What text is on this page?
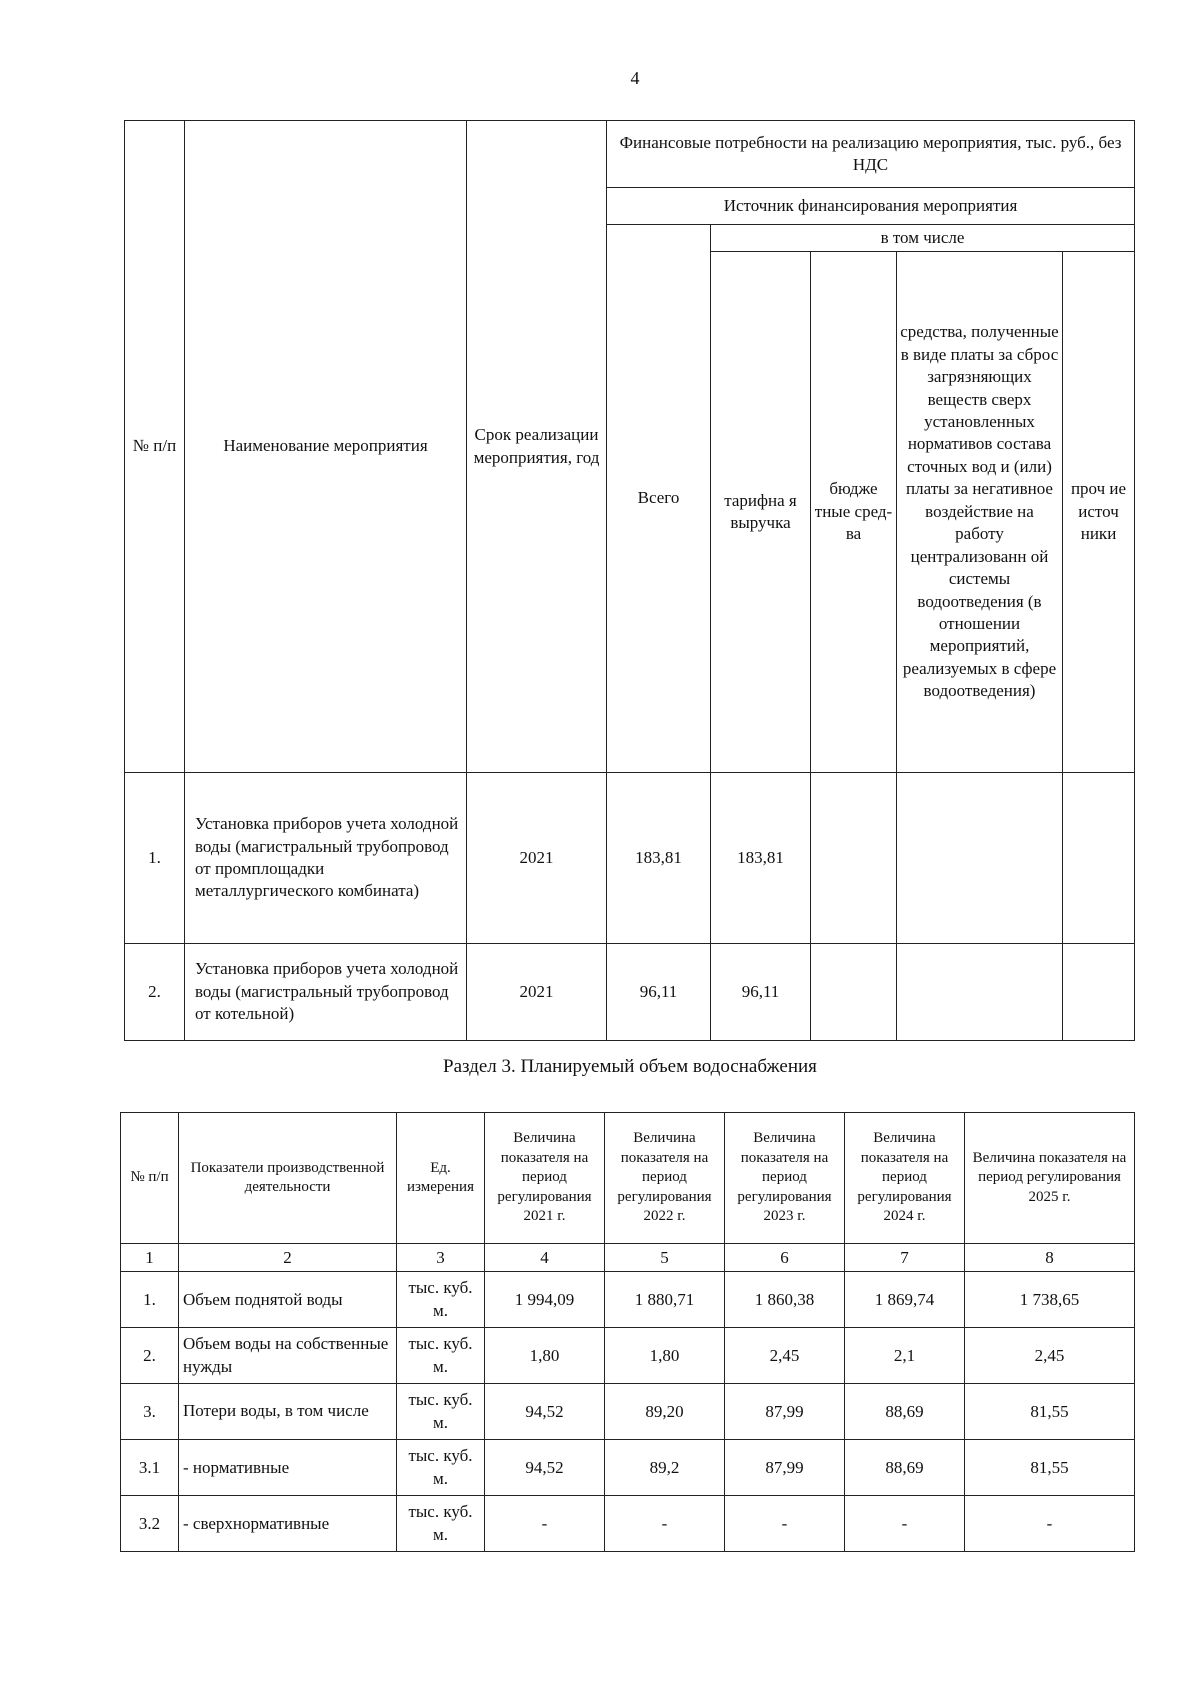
4
№ п/п	Наименование мероприятия	Срок реализации мероприятия, год	Финансовые потребности на реализацию мероприятия, тыс. руб., без НДС				
			Источник финансирования мероприятия				
			Всего	в том числе			
				тарифна я выручка	бюдже тные сред-ва	средства, полученные в виде платы за сброс загрязняющих веществ сверх установленных нормативов состава сточных вод и (или) платы за негативное воздействие на работу централизованн ой системы водоотведения (в отношении мероприятий, реализуемых в сфере водоотведения)	проч ие источ ники
1.	Установка приборов учета холодной воды (магистральный трубопровод от промплощадки металлургического комбината)	2021	183,81	183,81			
2.	Установка приборов учета холодной воды (магистральный трубопровод от котельной)	2021	96,11	96,11			
Раздел 3. Планируемый объем водоснабжения
№ п/п	Показатели производственной деятельности	Ед. измерения	Величина показателя на период регулирования 2021 г.	Величина показателя на период регулирования 2022 г.	Величина показателя на период регулирования 2023 г.	Величина показателя на период регулирования 2024 г.	Величина показателя на период регулирования 2025 г.
1	2	3	4	5	6	7	8
1.	Объем поднятой воды	тыс. куб. м.	1 994,09	1 880,71	1 860,38	1 869,74	1 738,65
2.	Объем воды на собственные нужды	тыс. куб. м.	1,80	1,80	2,45	2,1	2,45
3.	Потери воды, в том числе	тыс. куб. м.	94,52	89,20	87,99	88,69	81,55
3.1	- нормативные	тыс. куб. м.	94,52	89,2	87,99	88,69	81,55
3.2	- сверхнормативные	тыс. куб. м.	-	-	-	-	-
